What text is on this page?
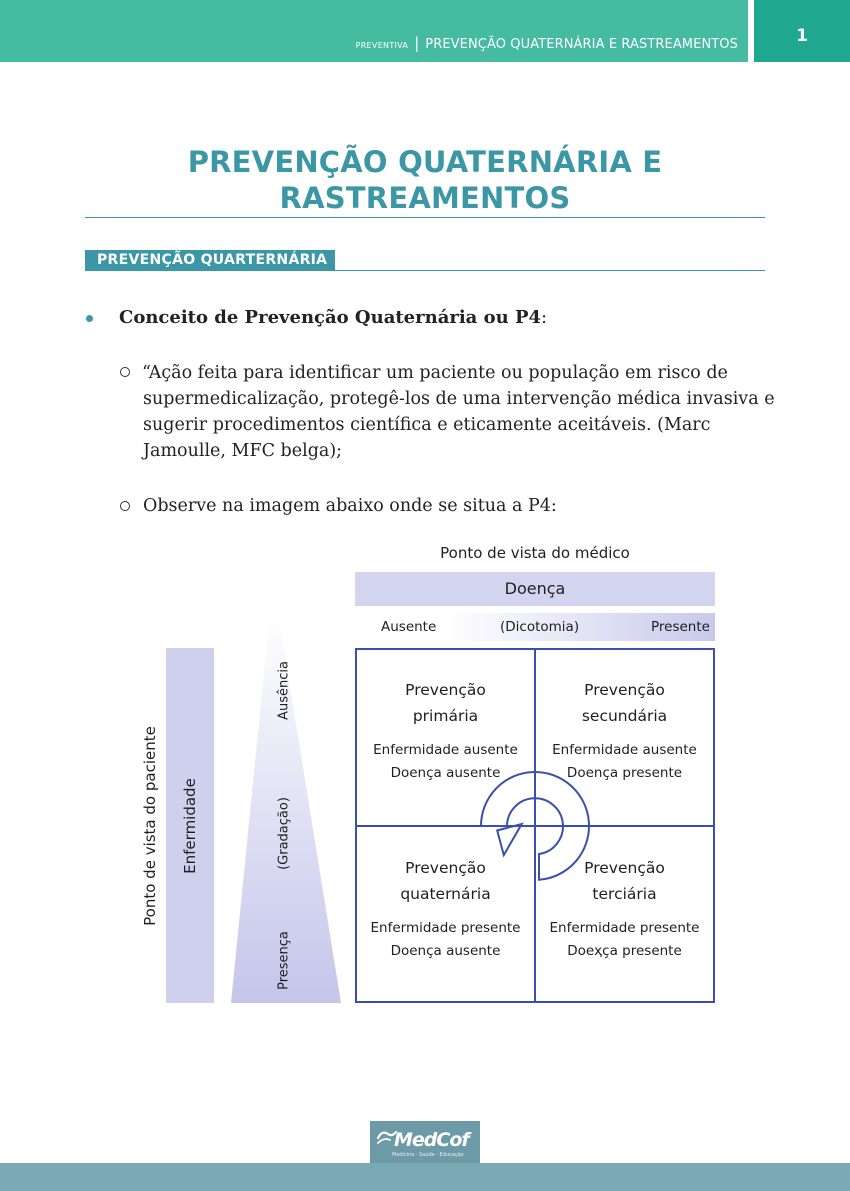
PREVENTIVA | PREVENÇÃO QUATERNÁRIA E RASTREAMENTOS	1
PREVENÇÃO QUATERNÁRIA E
RASTREAMENTOS
PREVENÇÃO QUARTERNÁRIA
Conceito de Prevenção Quaternária ou P4:
“Ação feita para identificar um paciente ou população em risco de supermedicalização, protegê-los de uma intervenção médica invasiva e sugerir procedimentos científica e eticamente aceitáveis. (Marc Jamoulle, MFC belga);
Observe na imagem abaixo onde se situa a P4:
Ponto de vista do médico
Doença
Ausente	(Dicotomia)	Presente
Ponto de vista do paciente Enfermidade
Ausência
(Gradação)
Presença
Prevenção
primária
Enfermidade ausente
Doença ausente
Prevenção
secundária
Enfermidade ausente
Doença presente
Prevenção
quaternária
Enfermidade presente
Doença ausente
Prevenção
terciária
Enfermidade presente
Doeҳça presente
MedCof
Medicina · Saúde · Educação
